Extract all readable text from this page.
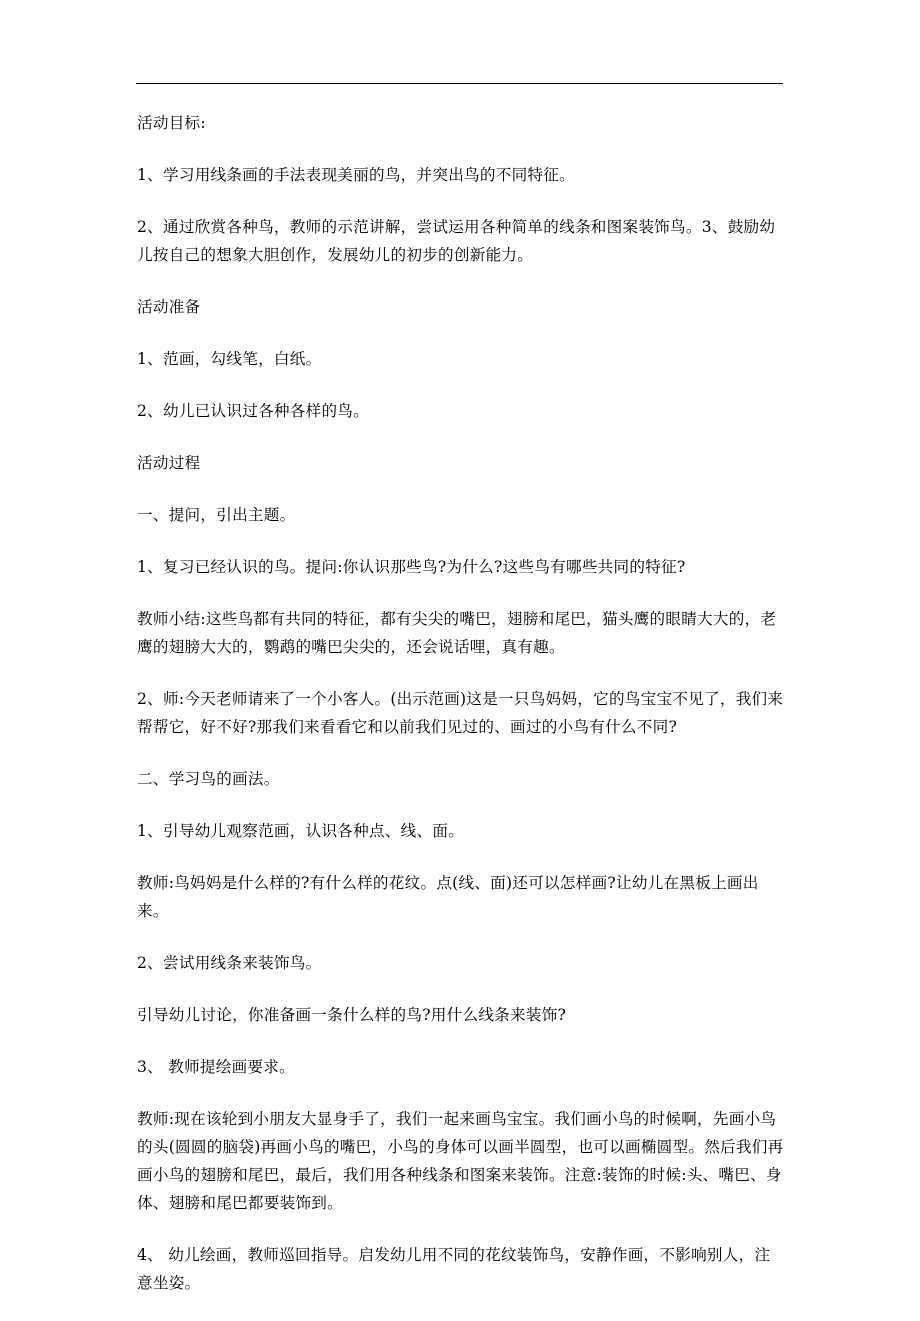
活动目标:

1、学习用线条画的手法表现美丽的鸟，并突出鸟的不同特征。

2、通过欣赏各种鸟，教师的示范讲解，尝试运用各种简单的线条和图案装饰鸟。3、鼓励幼儿按自己的想象大胆创作，发展幼儿的初步的创新能力。

活动准备

1、范画，勾线笔，白纸。

2、幼儿已认识过各种各样的鸟。

活动过程

一、提问，引出主题。

1、复习已经认识的鸟。提问:你认识那些鸟?为什么?这些鸟有哪些共同的特征?

教师小结:这些鸟都有共同的特征，都有尖尖的嘴巴，翅膀和尾巴，猫头鹰的眼睛大大的，老鹰的翅膀大大的，鹦鹉的嘴巴尖尖的，还会说话哩，真有趣。

2、师:今天老师请来了一个小客人。(出示范画)这是一只鸟妈妈，它的鸟宝宝不见了，我们来帮帮它，好不好?那我们来看看它和以前我们见过的、画过的小鸟有什么不同?

二、学习鸟的画法。

1、引导幼儿观察范画，认识各种点、线、面。

教师:鸟妈妈是什么样的?有什么样的花纹。点(线、面)还可以怎样画?让幼儿在黑板上画出来。

2、尝试用线条来装饰鸟。

引导幼儿讨论，你准备画一条什么样的鸟?用什么线条来装饰?

3、 教师提绘画要求。

教师:现在该轮到小朋友大显身手了，我们一起来画鸟宝宝。我们画小鸟的时候啊，先画小鸟的头(圆圆的脑袋)再画小鸟的嘴巴，小鸟的身体可以画半圆型，也可以画椭圆型。然后我们再画小鸟的翅膀和尾巴，最后，我们用各种线条和图案来装饰。注意:装饰的时候:头、嘴巴、身体、翅膀和尾巴都要装饰到。

4、 幼儿绘画，教师巡回指导。启发幼儿用不同的花纹装饰鸟，安静作画，不影响别人，注意坐姿。
